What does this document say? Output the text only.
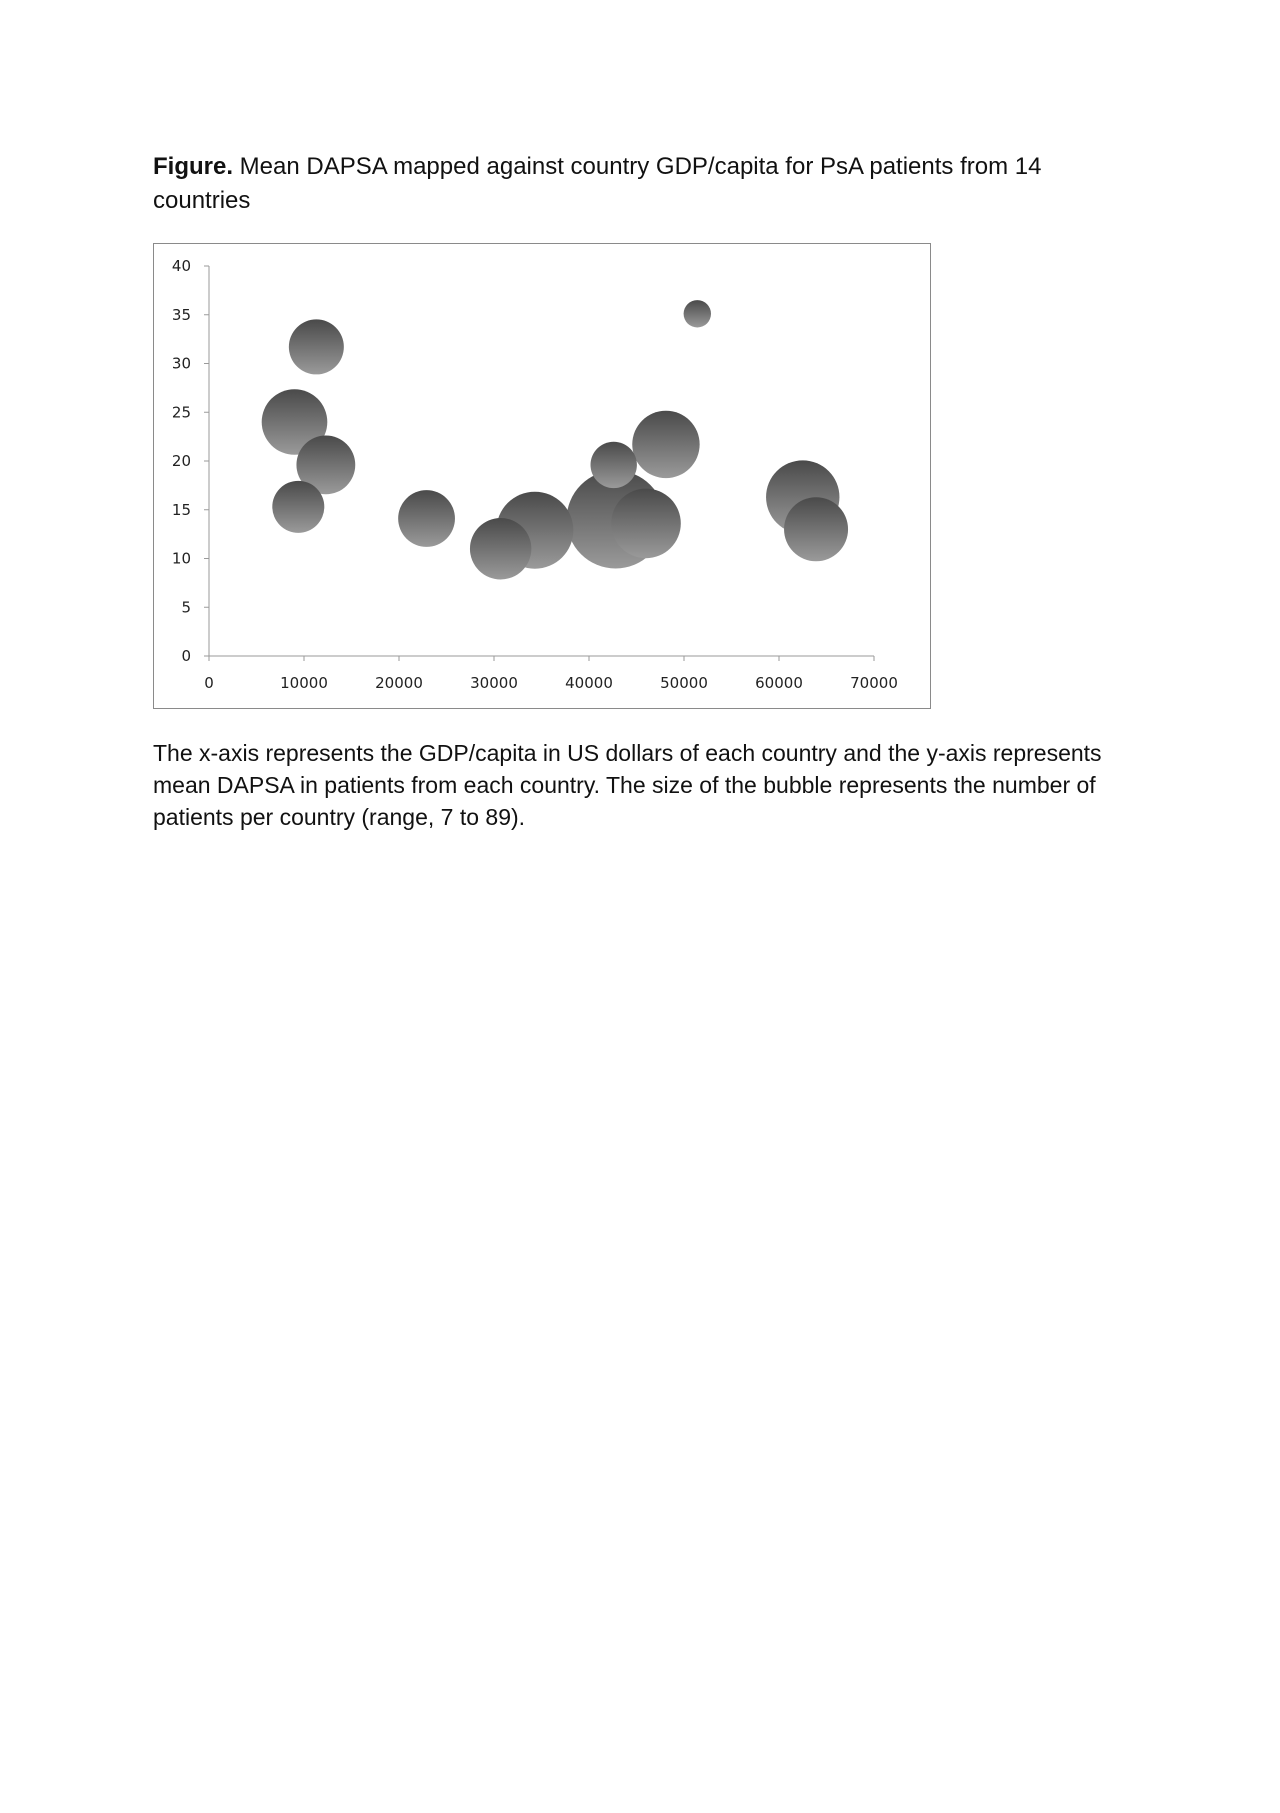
Figure. Mean DAPSA mapped against country GDP/capita for PsA patients from 14 countries

0
5
10
15
20
25
30
35
40
0	10000	20000	30000	40000	50000	60000	70000

The x-axis represents the GDP/capita in US dollars of each country and the y-axis represents mean DAPSA in patients from each country. The size of the bubble represents the number of patients per country (range, 7 to 89).
